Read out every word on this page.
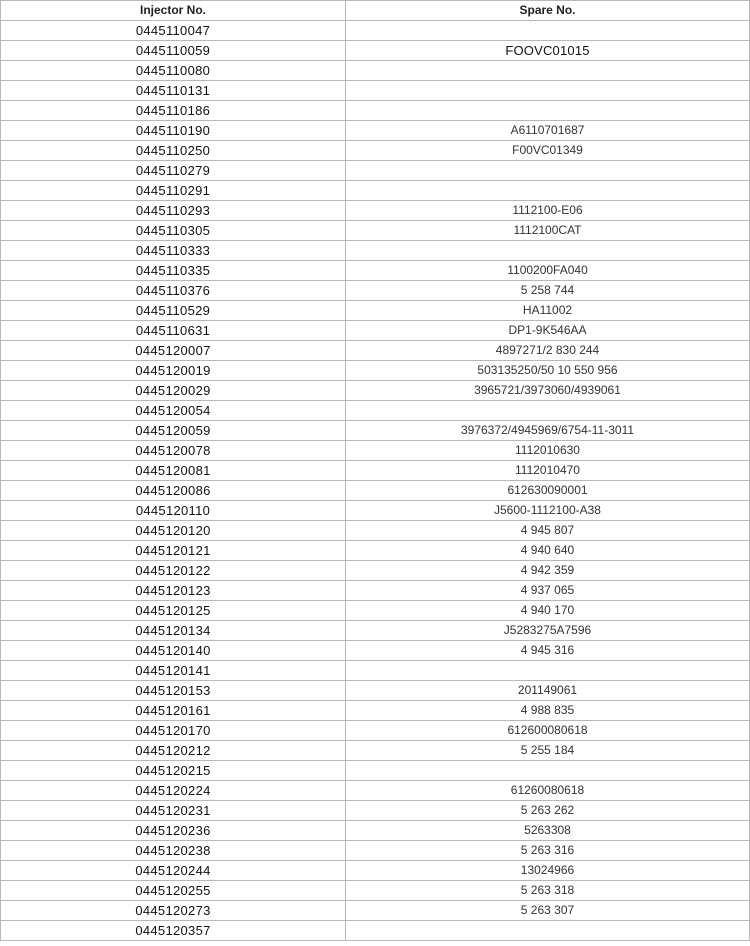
Injector No.	Spare No.
0445110047	
0445110059	FOOVC01015
0445110080	
0445110131	
0445110186	
0445110190	A6110701687
0445110250	F00VC01349
0445110279	
0445110291	
0445110293	1112100-E06
0445110305	1112100CAT
0445110333	
0445110335	1100200FA040
0445110376	5 258 744
0445110529	HA11002
0445110631	DP1-9K546AA
0445120007	4897271/2 830 244
0445120019	503135250/50 10 550 956
0445120029	3965721/3973060/4939061
0445120054	
0445120059	3976372/4945969/6754-11-3011
0445120078	1112010630
0445120081	1112010470
0445120086	612630090001
0445120110	J5600-1112100-A38
0445120120	4 945 807
0445120121	4 940 640
0445120122	4 942 359
0445120123	4 937 065
0445120125	4 940 170
0445120134	J5283275A7596
0445120140	4 945 316
0445120141	
0445120153	201149061
0445120161	4 988 835
0445120170	612600080618
0445120212	5 255 184
0445120215	
0445120224	61260080618
0445120231	5 263 262
0445120236	5263308
0445120238	5 263 316
0445120244	13024966
0445120255	5 263 318
0445120273	5 263 307
0445120357	
